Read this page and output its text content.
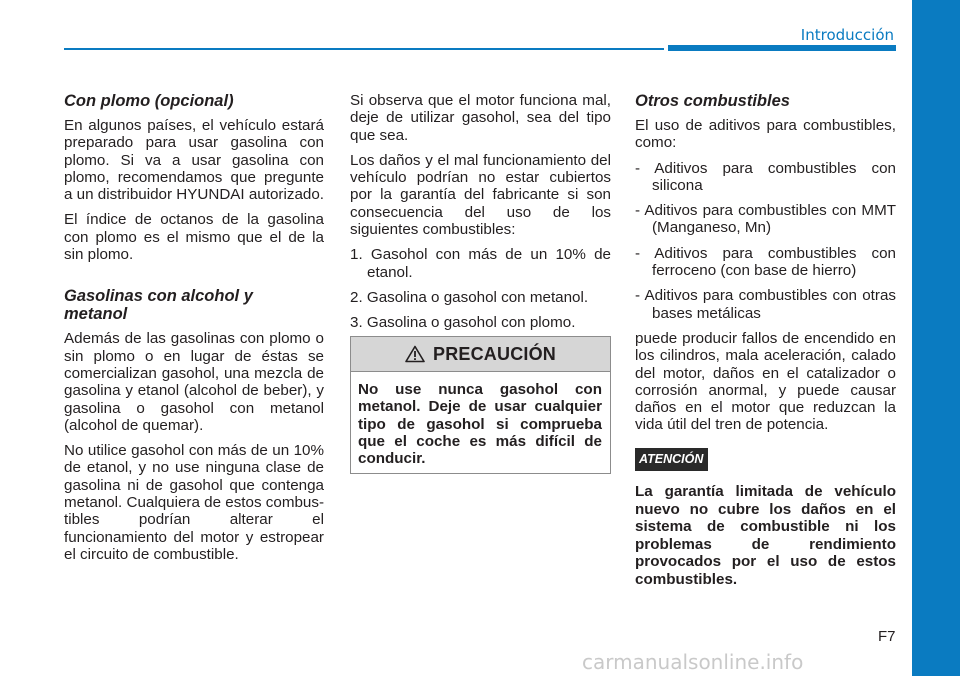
Introducción
Con plomo (opcional)

En algunos países, el vehículo estará preparado para usar gasolina con plomo. Si va a usar gasolina con plomo, recomendamos que pregunte a un distribuidor HYUNDAI autorizado.

El índice de octanos de la gasolina con plomo es el mismo que el de la sin plomo.

Gasolinas con alcohol y metanol

Además de las gasolinas con plomo o sin plomo o en lugar de éstas se comercializan gasohol, una mezcla de gasolina y etanol (alcohol de beber), y gasolina o gasohol con metanol (alcohol de quemar).

No utilice gasohol con más de un 10% de etanol, y no use ninguna clase de gasolina ni de gasohol que contenga metanol. Cualquiera de estos combus-tibles podrían alterar el funcionamiento del motor y estropear el circuito de combustible.

Si observa que el motor funciona mal, deje de utilizar gasohol, sea del tipo que sea.

Los daños y el mal funcionamiento del vehículo podrían no estar cubiertos por la garantía del fabricante si son consecuencia del uso de los siguientes combustibles:

1. Gasohol con más de un 10% de etanol.
2. Gasolina o gasohol con metanol.
3. Gasolina o gasohol con plomo.
PRECAUCIÓN

No use nunca gasohol con metanol. Deje de usar cualquier tipo de gasohol si comprueba que el coche es más difícil de conducir.

Otros combustibles

El uso de aditivos para combustibles, como:

- Aditivos para combustibles con silicona
- Aditivos para combustibles con MMT (Manganeso, Mn)
- Aditivos para combustibles con ferroceno (con base de hierro)
- Aditivos para combustibles con otras bases metálicas

puede producir fallos de encendido en los cilindros, mala aceleración, calado del motor, daños en el catalizador o corrosión anormal, y puede causar daños en el motor que reduzcan la vida útil del tren de potencia.

ATENCIÓN

La garantía limitada de vehículo nuevo no cubre los daños en el sistema de combustible ni los problemas de rendimiento provocados por el uso de estos combustibles.

F7

carmanualsonline.info
